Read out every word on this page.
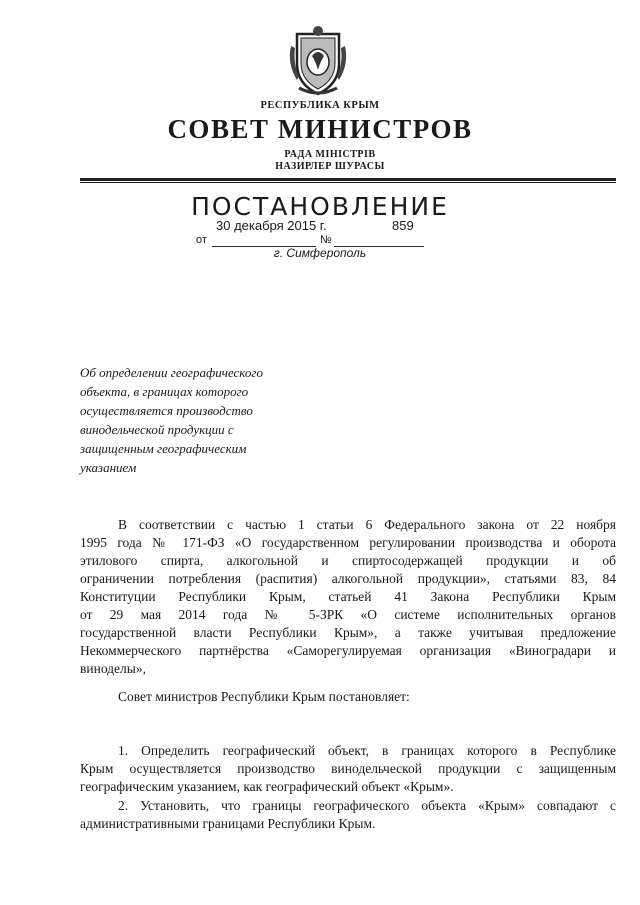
РЕСПУБЛИКА КРЫМ
СОВЕТ МИНИСТРОВ
РАДА МІНІСТРІВ
НАЗИРЛЕР ШУРАСЫ
ПОСТАНОВЛЕНИЕ
30 декабря 2015 г.	859
от	№
г. Симферополь
Об определении географического
объекта, в границах которого
осуществляется производство
винодельческой продукции с
защищенным географическим
указанием
В соответствии с частью 1 статьи 6 Федерального закона от 22 ноября
1995 года № 171-ФЗ «О государственном регулировании производства и оборота
этилового спирта, алкогольной и спиртосодержащей продукции и об
ограничении потребления (распития) алкогольной продукции», статьями 83, 84
Конституции Республики Крым, статьей 41 Закона Республики Крым
от 29 мая 2014 года № 5-ЗРК «О системе исполнительных органов
государственной власти Республики Крым», а также учитывая предложение
Некоммерческого партнёрства «Саморегулируемая организация «Виноградари и
виноделы»,
Совет министров Республики Крым постановляет:
1. Определить географический объект, в границах которого в Республике
Крым осуществляется производство винодельческой продукции с защищенным
географическим указанием, как географический объект «Крым».
2. Установить, что границы географического объекта «Крым» совпадают с
административными границами Республики Крым.
